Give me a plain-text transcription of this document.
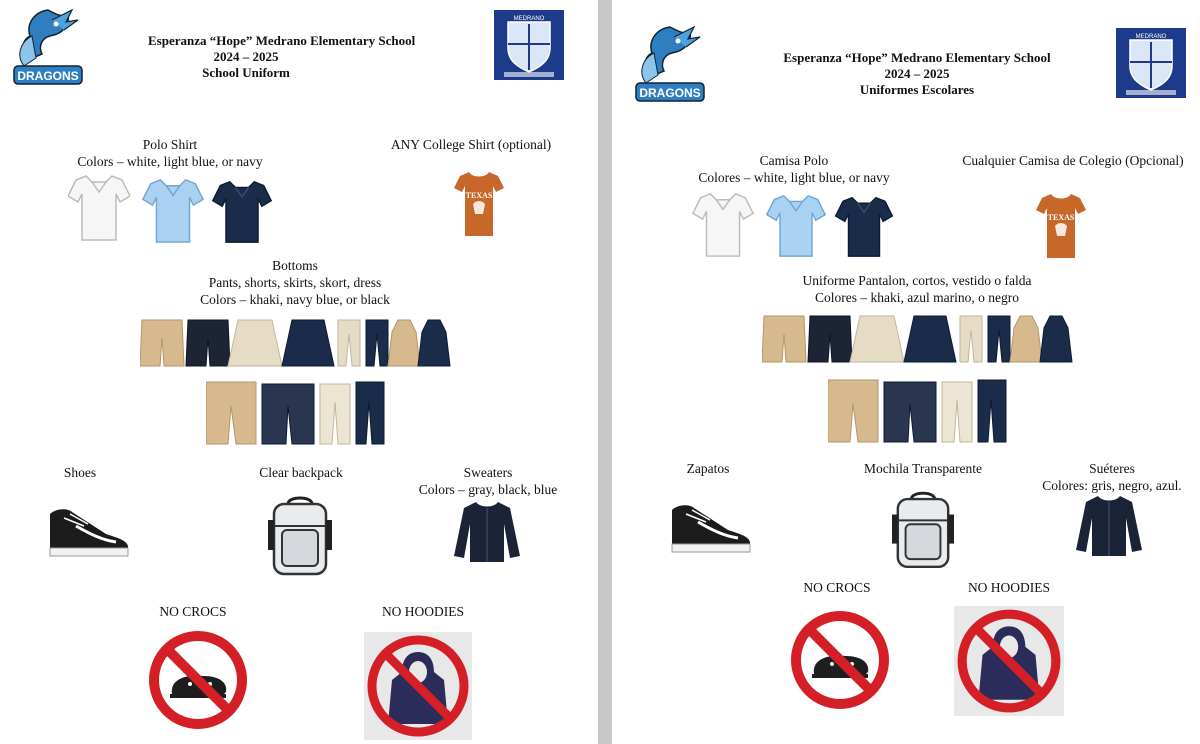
DRAGONS
Esperanza “Hope” Medrano Elementary School
2024 – 2025
School Uniform
MEDRANO
Polo Shirt
Colors – white, light blue, or navy
ANY College Shirt (optional)
TEXAS
Bottoms
Pants, shorts, skirts, skort, dress
Colors – khaki, navy blue, or black
Shoes	Clear backpack	Sweaters
Colors – gray, black, blue
NO CROCS	NO HOODIES
DRAGONS
Esperanza “Hope” Medrano Elementary School
2024 – 2025
Uniformes Escolares
MEDRANO
Camisa Polo
Colores – white, light blue, or navy
Cualquier Camisa de Colegio (Opcional)
TEXAS
Uniforme Pantalon, cortos, vestido o falda
Colores – khaki, azul marino, o negro
Zapatos	Mochila Transparente	Suéteres
Colores: gris, negro, azul.
NO CROCS	NO HOODIES
